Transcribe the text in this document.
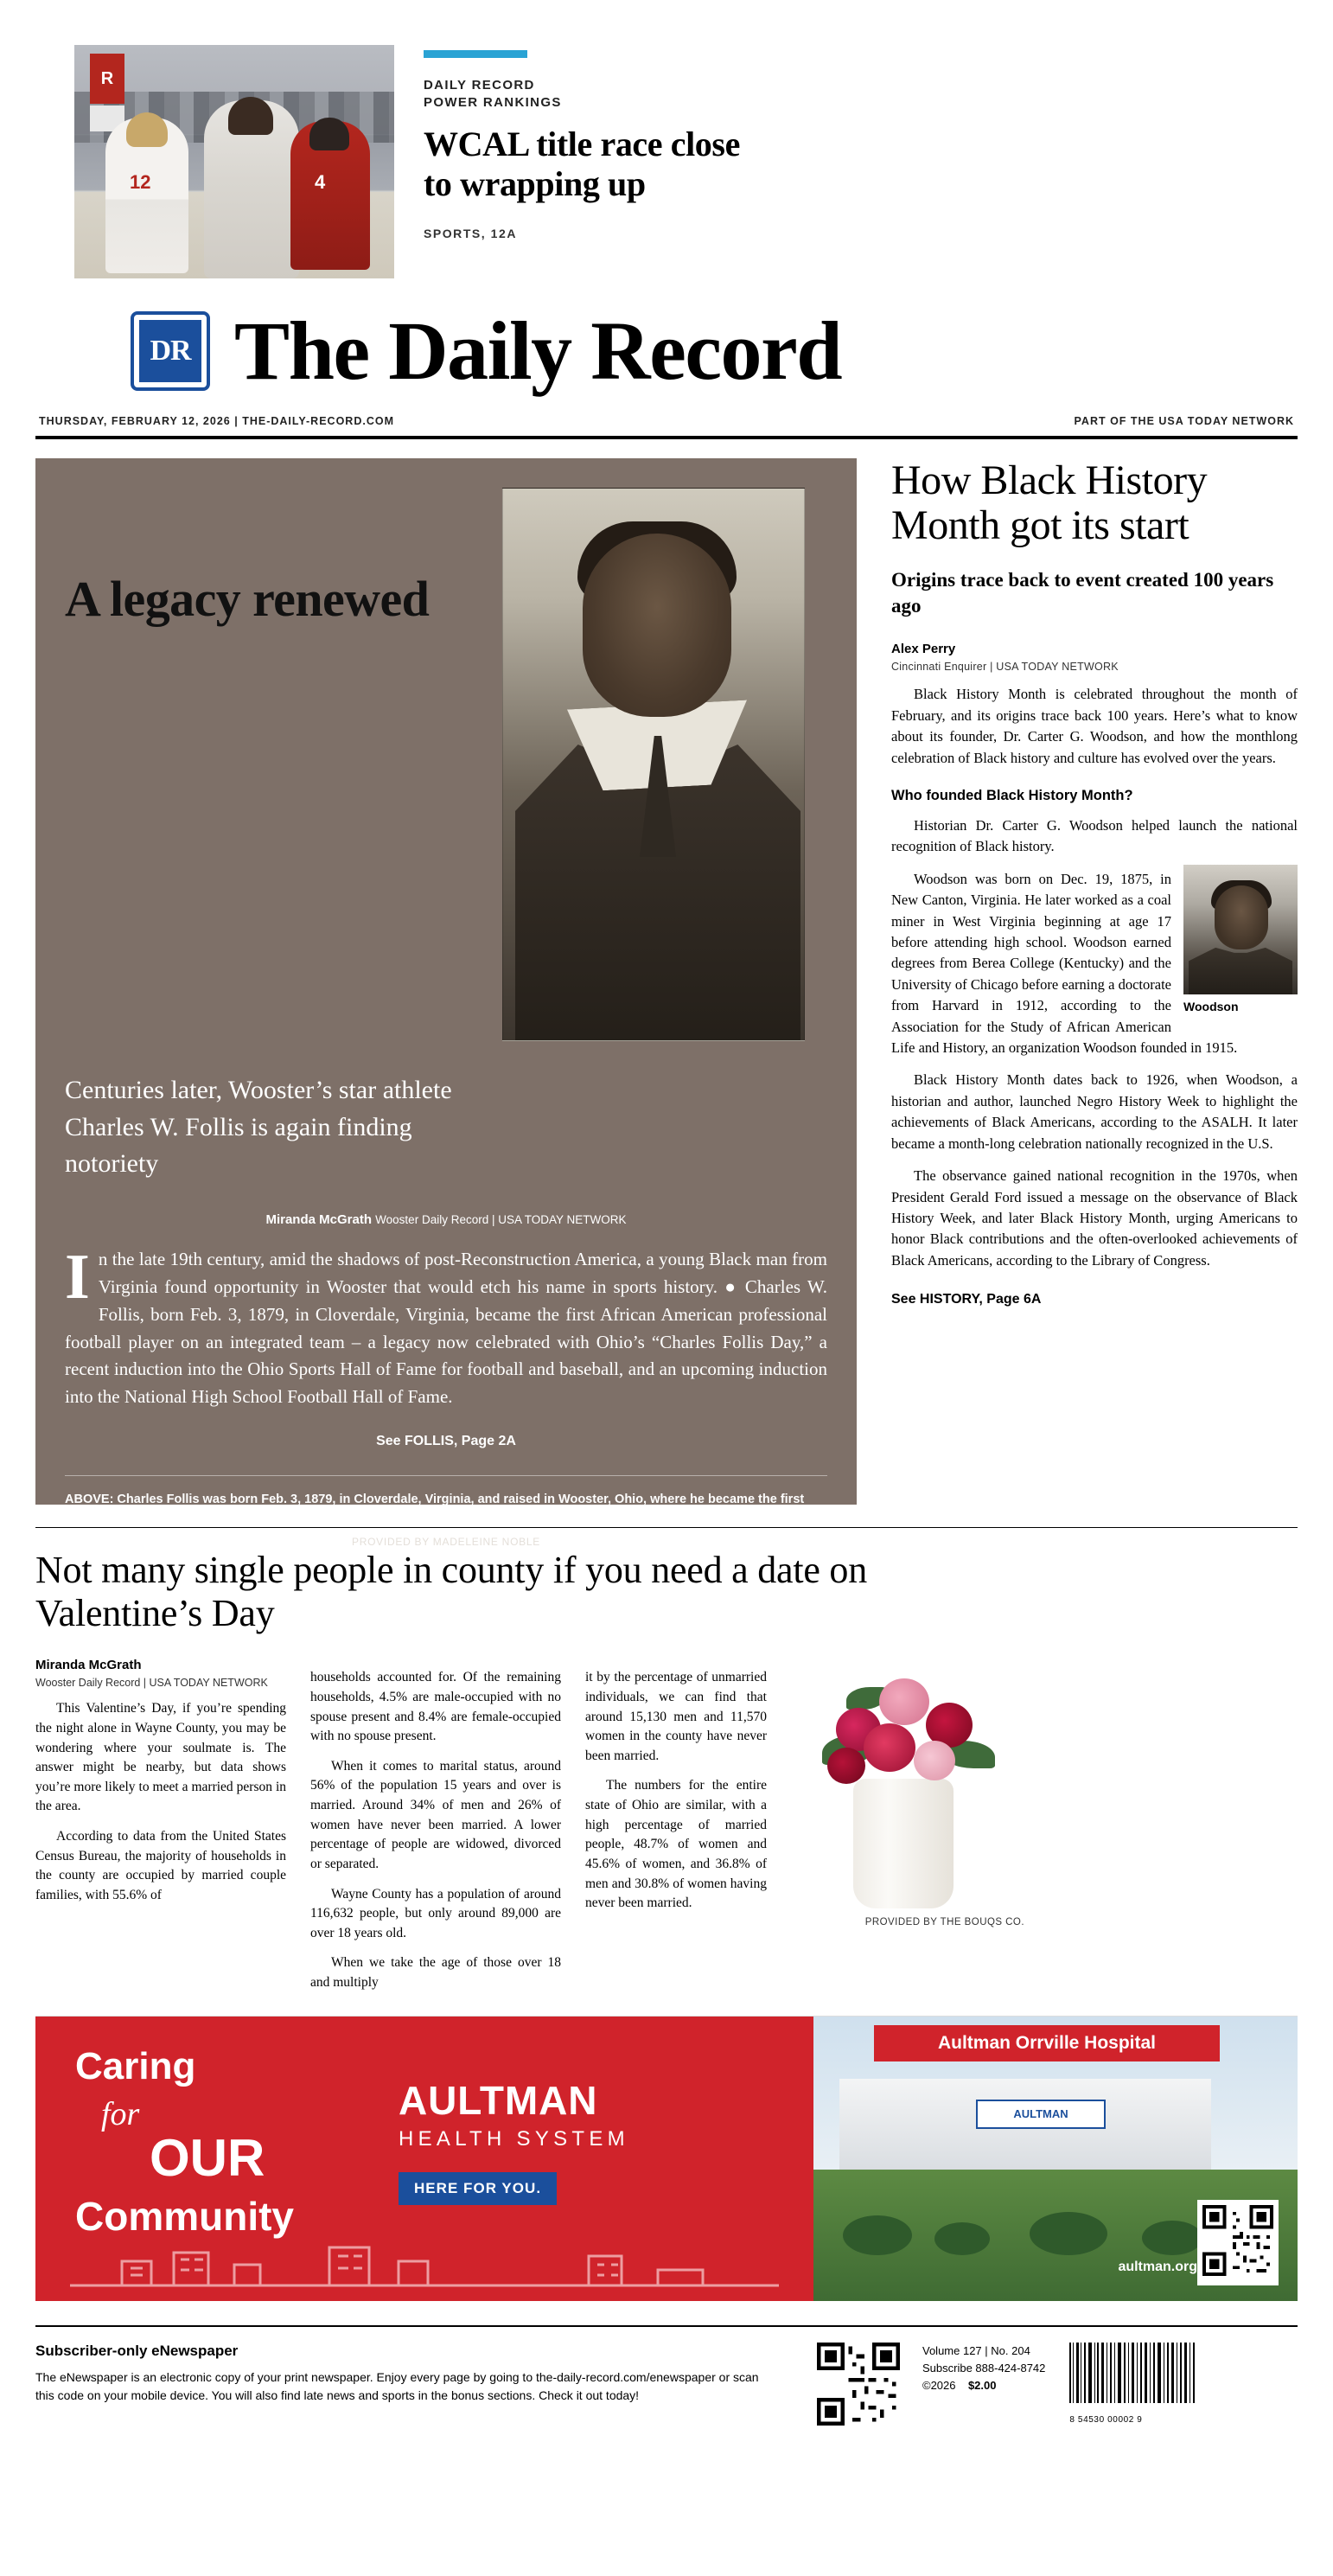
R
12	4
DAILY RECORD
POWER RANKINGS
WCAL title race close to wrapping up
SPORTS, 12A
DR The Daily Record
THURSDAY, FEBRUARY 12, 2026 | THE-DAILY-RECORD.COM	PART OF THE USA TODAY NETWORK
A legacy renewed
Centuries later, Wooster’s star athlete Charles W. Follis is again finding notoriety
Miranda McGrath Wooster Daily Record | USA TODAY NETWORK
In the late 19th century, amid the shadows of post-Reconstruction America, a young Black man from Virginia found opportunity in Wooster that would etch his name in sports history. ● Charles W. Follis, born Feb. 3, 1879, in Cloverdale, Virginia, became the first African American professional football player on an integrated team – a legacy now celebrated with Ohio’s “Charles Follis Day,” a recent induction into the Ohio Sports Hall of Fame for football and baseball, and an upcoming induction into the National High School Football Hall of Fame.
See FOLLIS, Page 2A
ABOVE: Charles Follis was born Feb. 3, 1879, in Cloverdale, Virginia, and raised in Wooster, Ohio, where he became the first African American professional football player.
PROVIDED BY MADELEINE NOBLE
How Black History Month got its start
Origins trace back to event created 100 years ago
Alex Perry
Cincinnati Enquirer | USA TODAY NETWORK
Black History Month is celebrated throughout the month of February, and its origins trace back 100 years. Here’s what to know about its founder, Dr. Carter G. Woodson, and how the monthlong celebration of Black history and culture has evolved over the years.
Who founded Black History Month?
Historian Dr. Carter G. Woodson helped launch the national recognition of Black history.
Woodson
Woodson was born on Dec. 19, 1875, in New Canton, Virginia. He later worked as a coal miner in West Virginia beginning at age 17 before attending high school. Woodson earned degrees from Berea College (Kentucky) and the University of Chicago before earning a doctorate from Harvard in 1912, according to the Association for the Study of African American Life and History, an organization Woodson founded in 1915.
Black History Month dates back to 1926, when Woodson, a historian and author, launched Negro History Week to highlight the achievements of Black Americans, according to the ASALH. It later became a month-long celebration nationally recognized in the U.S.
The observance gained national recognition in the 1970s, when President Gerald Ford issued a message on the observance of Black History Week, and later Black History Month, urging Americans to honor Black contributions and the often-overlooked achievements of Black Americans, according to the Library of Congress.
See HISTORY, Page 6A
Not many single people in county if you need a date on Valentine’s Day
Miranda McGrath
Wooster Daily Record | USA TODAY NETWORK
This Valentine’s Day, if you’re spending the night alone in Wayne County, you may be wondering where your soulmate is. The answer might be nearby, but data shows you’re more likely to meet a married person in the area.
According to data from the United States Census Bureau, the majority of households in the county are occupied by married couple families, with 55.6% of
households accounted for. Of the remaining households, 4.5% are male-occupied with no spouse present and 8.4% are female-occupied with no spouse present.
When it comes to marital status, around 56% of the population 15 years and over is married. Around 34% of men and 26% of women have never been married. A lower percentage of people are widowed, divorced or separated.
Wayne County has a population of around 116,632 people, but only around 89,000 are over 18 years old.
When we take the age of those over 18 and multiply
it by the percentage of unmarried individuals, we can find that around 15,130 men and 11,570 women in the county have never been married.
The numbers for the entire state of Ohio are similar, with a high percentage of married people, 48.7% of women and 45.6% of women, and 36.8% of men and 30.8% of women having never been married.
PROVIDED BY THE BOUQS CO.
Caring
for
OUR
Community
AULTMAN
HEALTH SYSTEM
HERE FOR YOU.
AULTMAN
Aultman Orrville Hospital
aultman.org
Subscriber-only eNewspaper
The eNewspaper is an electronic copy of your print newspaper. Enjoy every page by going to the-daily-record.com/enewspaper or scan this code on your mobile device. You will also find late news and sports in the bonus sections. Check it out today!
Volume 127 | No. 204
Subscribe 888-424-8742
©2026 $2.00
8 54530 00002 9
